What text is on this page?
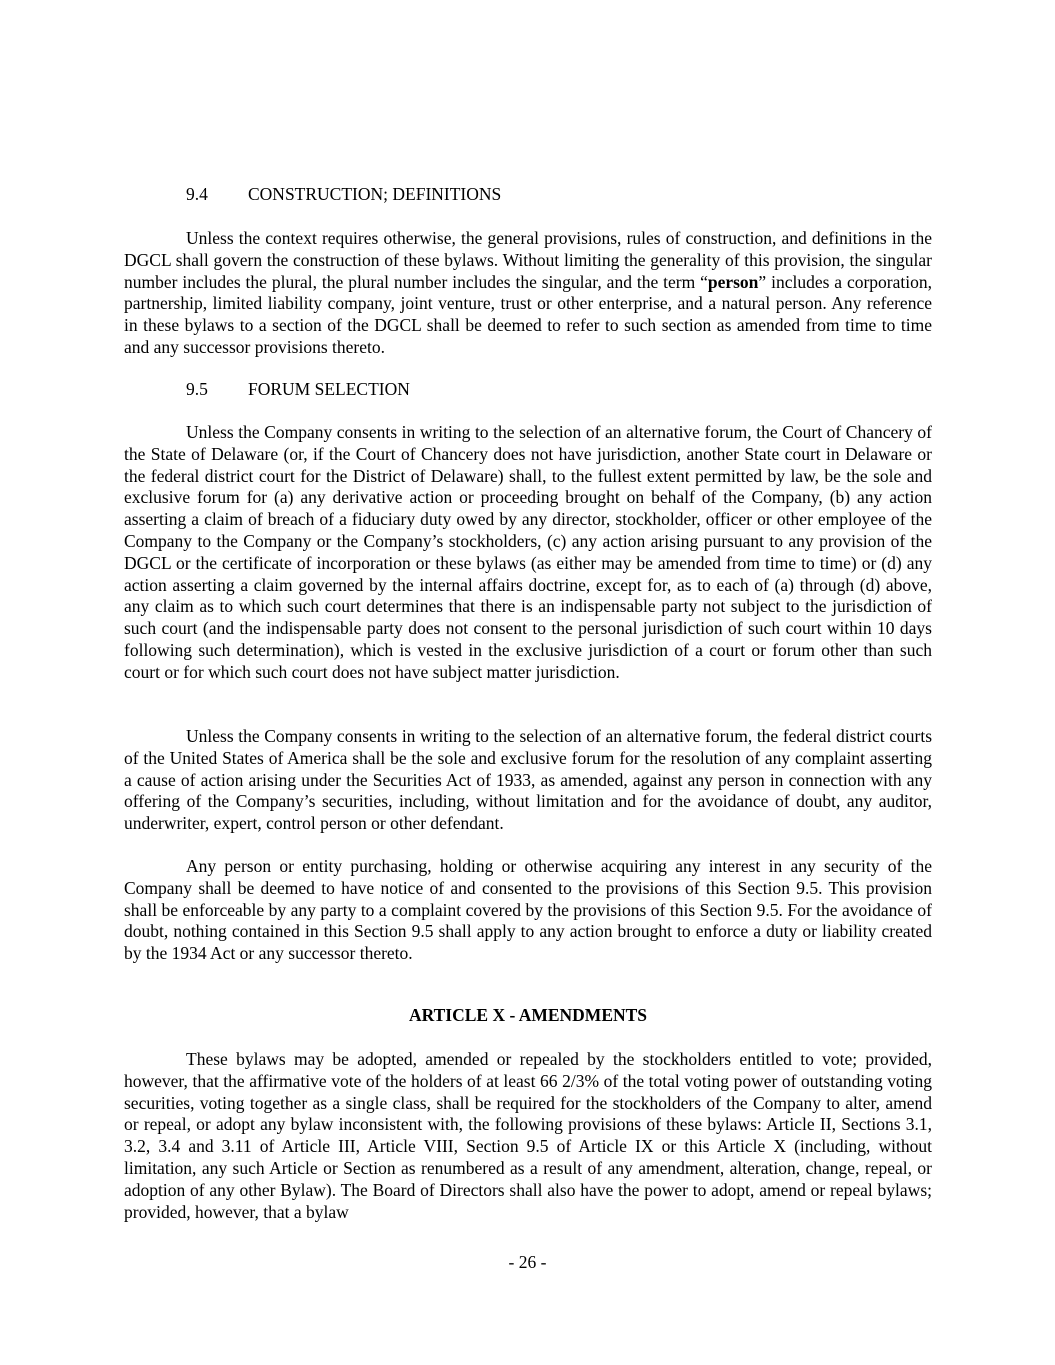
9.4 CONSTRUCTION; DEFINITIONS

Unless the context requires otherwise, the general provisions, rules of construction, and definitions in the DGCL shall govern the construction of these bylaws. Without limiting the generality of this provision, the singular number includes the plural, the plural number includes the singular, and the term “person” includes a corporation, partnership, limited liability company, joint venture, trust or other enterprise, and a natural person. Any reference in these bylaws to a section of the DGCL shall be deemed to refer to such section as amended from time to time and any successor provisions thereto.

9.5 FORUM SELECTION

Unless the Company consents in writing to the selection of an alternative forum, the Court of Chancery of the State of Delaware (or, if the Court of Chancery does not have jurisdiction, another State court in Delaware or the federal district court for the District of Delaware) shall, to the fullest extent permitted by law, be the sole and exclusive forum for (a) any derivative action or proceeding brought on behalf of the Company, (b) any action asserting a claim of breach of a fiduciary duty owed by any director, stockholder, officer or other employee of the Company to the Company or the Company’s stockholders, (c) any action arising pursuant to any provision of the DGCL or the certificate of incorporation or these bylaws (as either may be amended from time to time) or (d) any action asserting a claim governed by the internal affairs doctrine, except for, as to each of (a) through (d) above, any claim as to which such court determines that there is an indispensable party not subject to the jurisdiction of such court (and the indispensable party does not consent to the personal jurisdiction of such court within 10 days following such determination), which is vested in the exclusive jurisdiction of a court or forum other than such court or for which such court does not have subject matter jurisdiction.

Unless the Company consents in writing to the selection of an alternative forum, the federal district courts of the United States of America shall be the sole and exclusive forum for the resolution of any complaint asserting a cause of action arising under the Securities Act of 1933, as amended, against any person in connection with any offering of the Company’s securities, including, without limitation and for the avoidance of doubt, any auditor, underwriter, expert, control person or other defendant.

Any person or entity purchasing, holding or otherwise acquiring any interest in any security of the Company shall be deemed to have notice of and consented to the provisions of this Section 9.5. This provision shall be enforceable by any party to a complaint covered by the provisions of this Section 9.5. For the avoidance of doubt, nothing contained in this Section 9.5 shall apply to any action brought to enforce a duty or liability created by the 1934 Act or any successor thereto.

ARTICLE X - AMENDMENTS

These bylaws may be adopted, amended or repealed by the stockholders entitled to vote; provided, however, that the affirmative vote of the holders of at least 66 2/3% of the total voting power of outstanding voting securities, voting together as a single class, shall be required for the stockholders of the Company to alter, amend or repeal, or adopt any bylaw inconsistent with, the following provisions of these bylaws: Article II, Sections 3.1, 3.2, 3.4 and 3.11 of Article III, Article VIII, Section 9.5 of Article IX or this Article X (including, without limitation, any such Article or Section as renumbered as a result of any amendment, alteration, change, repeal, or adoption of any other Bylaw). The Board of Directors shall also have the power to adopt, amend or repeal bylaws; provided, however, that a bylaw

- 26 -
